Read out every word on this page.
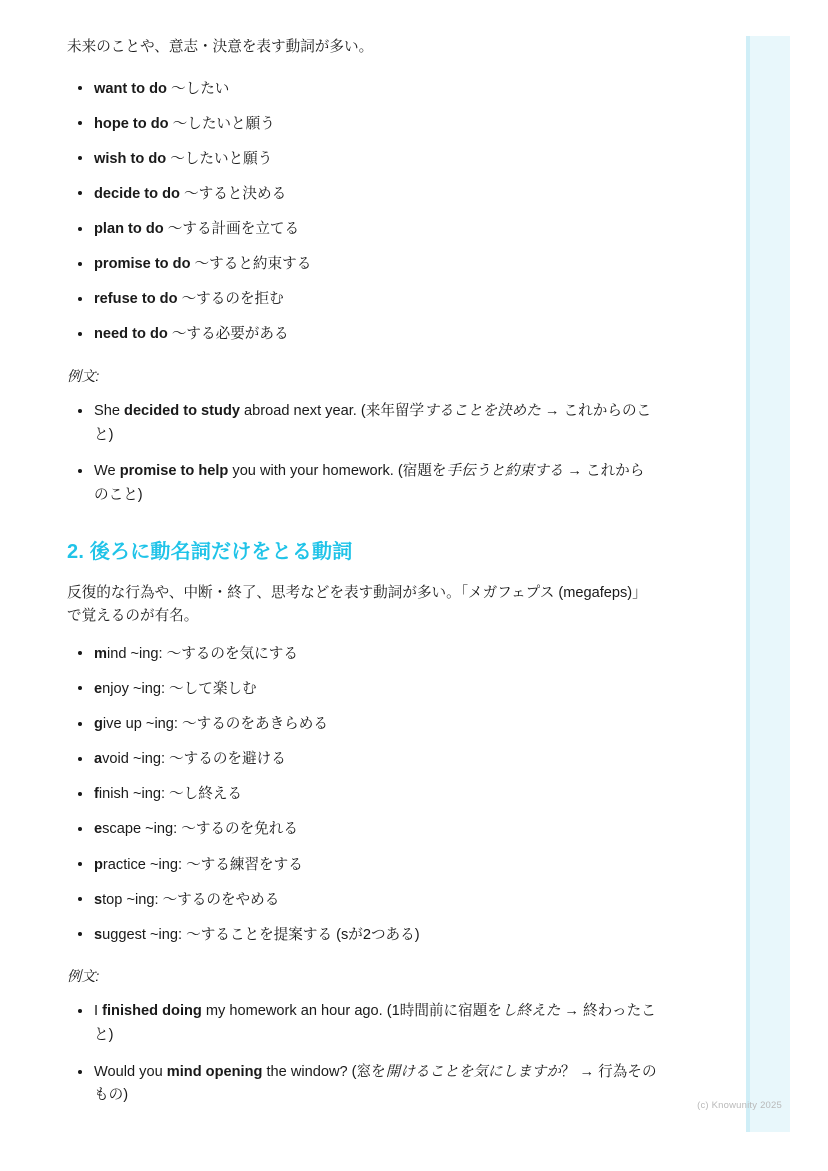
未来のことや、意志・決意を表す動詞が多い。

want to do 〜したい
hope to do 〜したいと願う
wish to do 〜したいと願う
decide to do 〜すると決める
plan to do 〜する計画を立てる
promise to do 〜すると約束する
refuse to do 〜するのを拒む
need to do 〜する必要がある
例文:
She decided to study abroad next year. (来年留学することを決めた → これからのこと)
We promise to help you with your homework. (宿題を手伝うと約束する → これからのこと)
2. 後ろに動名詞だけをとる動詞

反復的な行為や、中断・終了、思考などを表す動詞が多い。「メガフェプス (megafeps)」で覚えるのが有名。

mind ~ing: 〜するのを気にする
enjoy ~ing: 〜して楽しむ
give up ~ing: 〜するのをあきらめる
avoid ~ing: 〜するのを避ける
finish ~ing: 〜し終える
escape ~ing: 〜するのを免れる
practice ~ing: 〜する練習をする
stop ~ing: 〜するのをやめる
suggest ~ing: 〜することを提案する (sが2つある)
例文:
I finished doing my homework an hour ago. (1時間前に宿題をし終えた → 終わったこと)
Would you mind opening the window? (窓を開けることを気にしますか？ → 行為そのもの)
(c) Knowunity 2025
